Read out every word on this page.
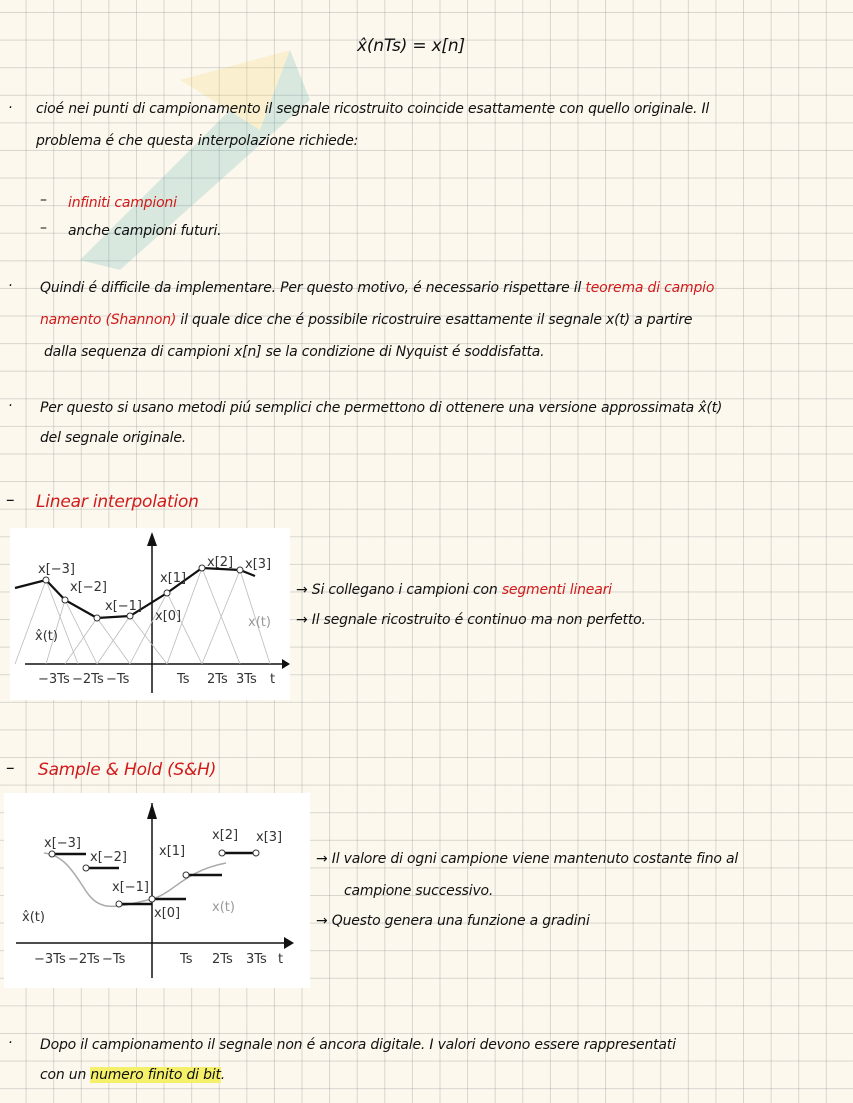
x̂(nTs) = x[n]
· cioé nei punti di campionamento il segnale ricostruito coincide esattamente con quello originale. Il
problema é che questa interpolazione richiede:
– infiniti campioni
– anche campioni futuri.
· Quindi é difficile da implementare. Per questo motivo, é necessario rispettare il teorema di campio
namento (Shannon) il quale dice che é possibile ricostruire esattamente il segnale x(t) a partire
dalla sequenza di campioni x[n] se la condizione di Nyquist é soddisfatta.
· Per questo si usano metodi piú semplici che permettono di ottenere una versione approssimata x̂(t)
del segnale originale.
– Linear interpolation
x[−3]
x[−2]
x[−1]
x[0]
x[1]
x[2] x[3]
x̂(t)
x(t)
−3Ts −2Ts −Ts	Ts 2Ts 3Ts t
→ Si collegano i campioni con segmenti lineari
→ Il segnale ricostruito é continuo ma non perfetto.
– Sample & Hold (S&H)
x[−3]
x[−2]
x[−1]
x[0]
x[1]
x[2] x[3]
x̂(t)
x(t)
−3Ts −2Ts −Ts	Ts 2Ts 3Ts t
→ Il valore di ogni campione viene mantenuto costante fino al
campione successivo.
→ Questo genera una funzione a gradini
· Dopo il campionamento il segnale non é ancora digitale. I valori devono essere rappresentati
con un numero finito di bit.
